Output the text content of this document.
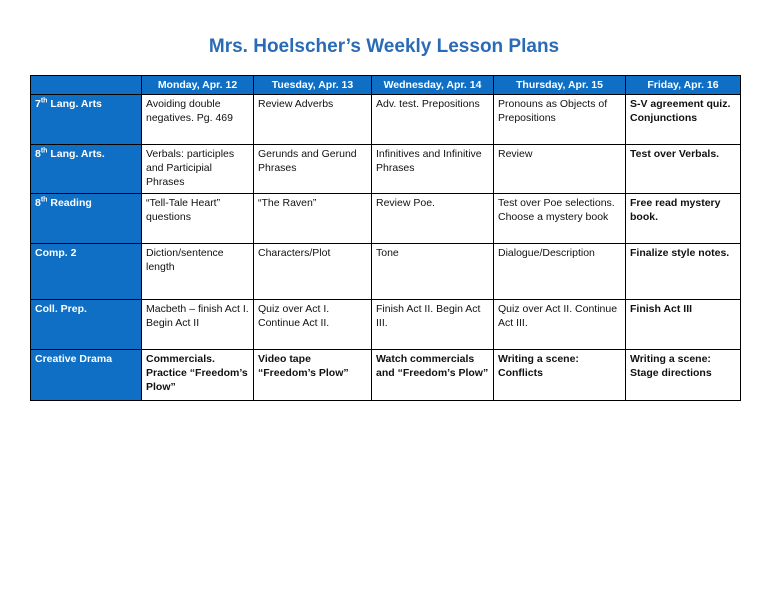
Mrs. Hoelscher’s Weekly Lesson Plans
	Monday, Apr. 12	Tuesday, Apr. 13	Wednesday, Apr. 14	Thursday, Apr. 15	Friday, Apr. 16
7th Lang. Arts	Avoiding double negatives. Pg. 469	Review Adverbs	Adv. test. Prepositions	Pronouns as Objects of Prepositions	S-V agreement quiz. Conjunctions
8th Lang. Arts.	Verbals: participles and Participial Phrases	Gerunds and Gerund Phrases	Infinitives and Infinitive Phrases	Review	Test over Verbals.
8th Reading	“Tell-Tale Heart” questions	“The Raven”	Review Poe.	Test over Poe selections. Choose a mystery book	Free read mystery book.
Comp. 2	Diction/sentence length	Characters/Plot	Tone	Dialogue/Description	Finalize style notes.
Coll. Prep.	Macbeth – finish Act I. Begin Act II	Quiz over Act I. Continue Act II.	Finish Act II. Begin Act III.	Quiz over Act II. Continue Act III.	Finish Act III
Creative Drama	Commercials. Practice “Freedom’s Plow”	Video tape “Freedom’s Plow”	Watch commercials and “Freedom’s Plow”	Writing a scene: Conflicts	Writing a scene: Stage directions
